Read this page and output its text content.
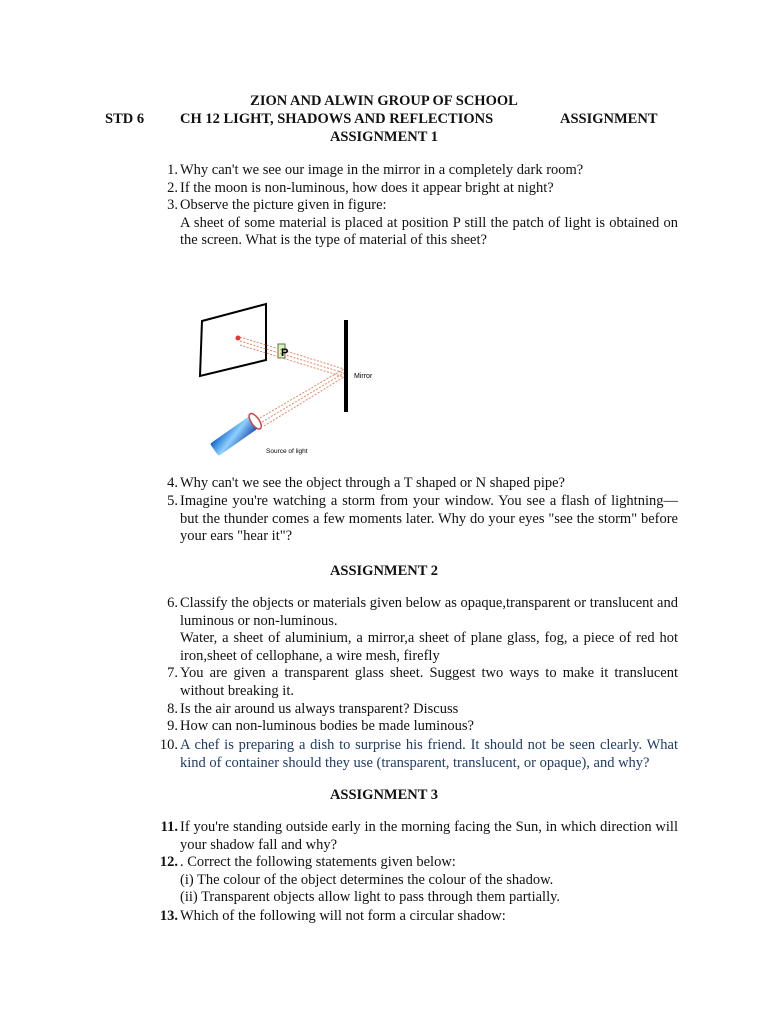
ZION AND ALWIN GROUP OF SCHOOL
STD 6 CH 12 LIGHT, SHADOWS AND REFLECTIONS	ASSIGNMENT
ASSIGNMENT 1
1. Why can't we see our image in the mirror in a completely dark room?
2. If the moon is non-luminous, how does it appear bright at night?
3. Observe the picture given in figure:

A sheet of some material is placed at position P still the patch of light is obtained on the screen. What is the type of material of this sheet?

P
Mirror
Source of light
4. Why can't we see the object through a T shaped or N shaped pipe?
5. Imagine you're watching a storm from your window. You see a flash of lightning—but the thunder comes a few moments later. Why do your eyes "see the storm" before your ears "hear it"?
ASSIGNMENT 2
6. Classify the objects or materials given below as opaque,transparent or translucent and luminous or non-luminous.

Water, a sheet of aluminium, a mirror,a sheet of plane glass, fog, a piece of red hot iron,sheet of cellophane, a wire mesh, firefly

7. You are given a transparent glass sheet. Suggest two ways to make it translucent without breaking it.
8. Is the air around us always transparent? Discuss
9. How can non-luminous bodies be made luminous?
10. A chef is preparing a dish to surprise his friend. It should not be seen clearly. What kind of container should they use (transparent, translucent, or opaque), and why?
ASSIGNMENT 3
11. If you're standing outside early in the morning facing the Sun, in which direction will your shadow fall and why?
12. . Correct the following statements given below:

(i) The colour of the object determines the colour of the shadow.

(ii) Transparent objects allow light to pass through them partially.

13. Which of the following will not form a circular shadow:
